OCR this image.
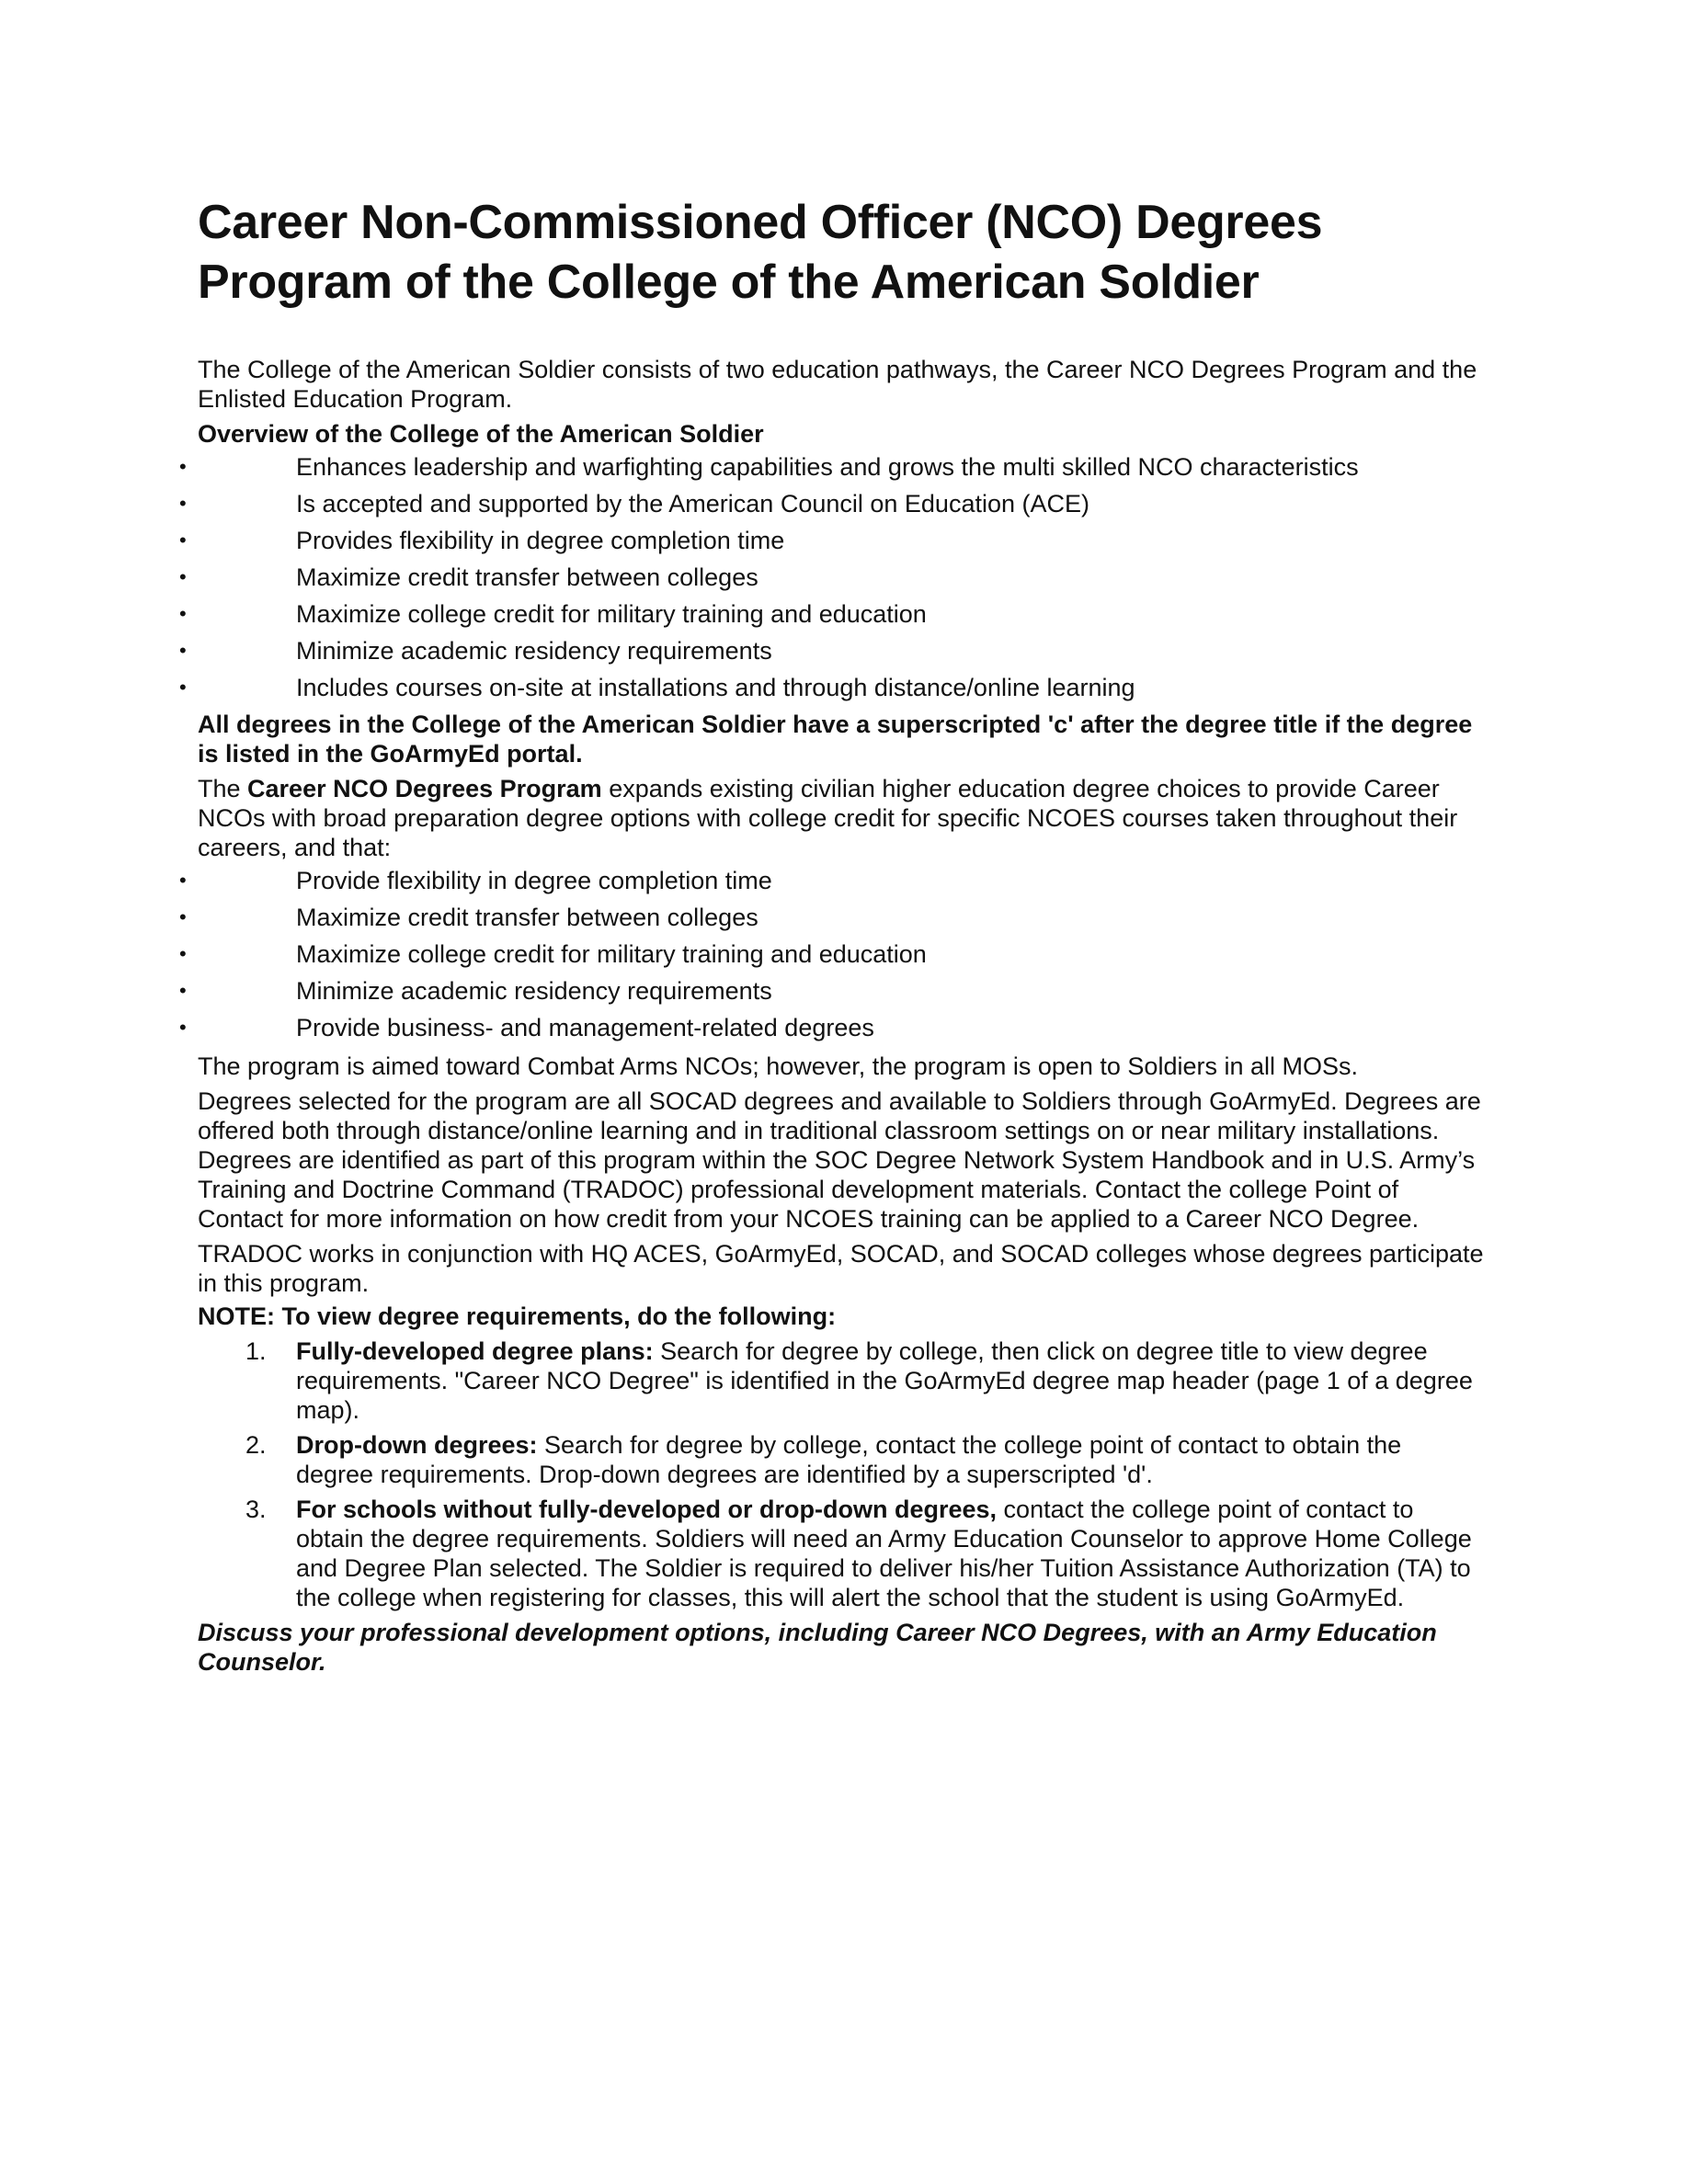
Career Non-Commissioned Officer (NCO) Degrees Program of the College of the American Soldier
The College of the American Soldier consists of two education pathways, the Career NCO Degrees Program and the Enlisted Education Program.
Overview of the College of the American Soldier
•	Enhances leadership and warfighting capabilities and grows the multi skilled NCO characteristics
•	Is accepted and supported by the American Council on Education (ACE)
•	Provides flexibility in degree completion time
•	Maximize credit transfer between colleges
•	Maximize college credit for military training and education
•	Minimize academic residency requirements
•	Includes courses on-site at installations and through distance/online learning
All degrees in the College of the American Soldier have a superscripted 'c' after the degree title if the degree is listed in the GoArmyEd portal.
The Career NCO Degrees Program expands existing civilian higher education degree choices to provide Career NCOs with broad preparation degree options with college credit for specific NCOES courses taken throughout their careers, and that:
•	Provide flexibility in degree completion time
•	Maximize credit transfer between colleges
•	Maximize college credit for military training and education
•	Minimize academic residency requirements
•	Provide business- and management-related degrees
The program is aimed toward Combat Arms NCOs; however, the program is open to Soldiers in all MOSs.
Degrees selected for the program are all SOCAD degrees and available to Soldiers through GoArmyEd. Degrees are offered both through distance/online learning and in traditional classroom settings on or near military installations. Degrees are identified as part of this program within the SOC Degree Network System Handbook and in U.S. Army’s Training and Doctrine Command (TRADOC) professional development materials. Contact the college Point of Contact for more information on how credit from your NCOES training can be applied to a Career NCO Degree.
TRADOC works in conjunction with HQ ACES, GoArmyEd, SOCAD, and SOCAD colleges whose degrees participate in this program.
NOTE: To view degree requirements, do the following:
1. Fully-developed degree plans: Search for degree by college, then click on degree title to view degree requirements. "Career NCO Degree" is identified in the GoArmyEd degree map header (page 1 of a degree map).
2. Drop-down degrees: Search for degree by college, contact the college point of contact to obtain the degree requirements. Drop-down degrees are identified by a superscripted 'd'.
3. For schools without fully-developed or drop-down degrees, contact the college point of contact to obtain the degree requirements. Soldiers will need an Army Education Counselor to approve Home College and Degree Plan selected. The Soldier is required to deliver his/her Tuition Assistance Authorization (TA) to the college when registering for classes, this will alert the school that the student is using GoArmyEd.
Discuss your professional development options, including Career NCO Degrees, with an Army Education Counselor.
